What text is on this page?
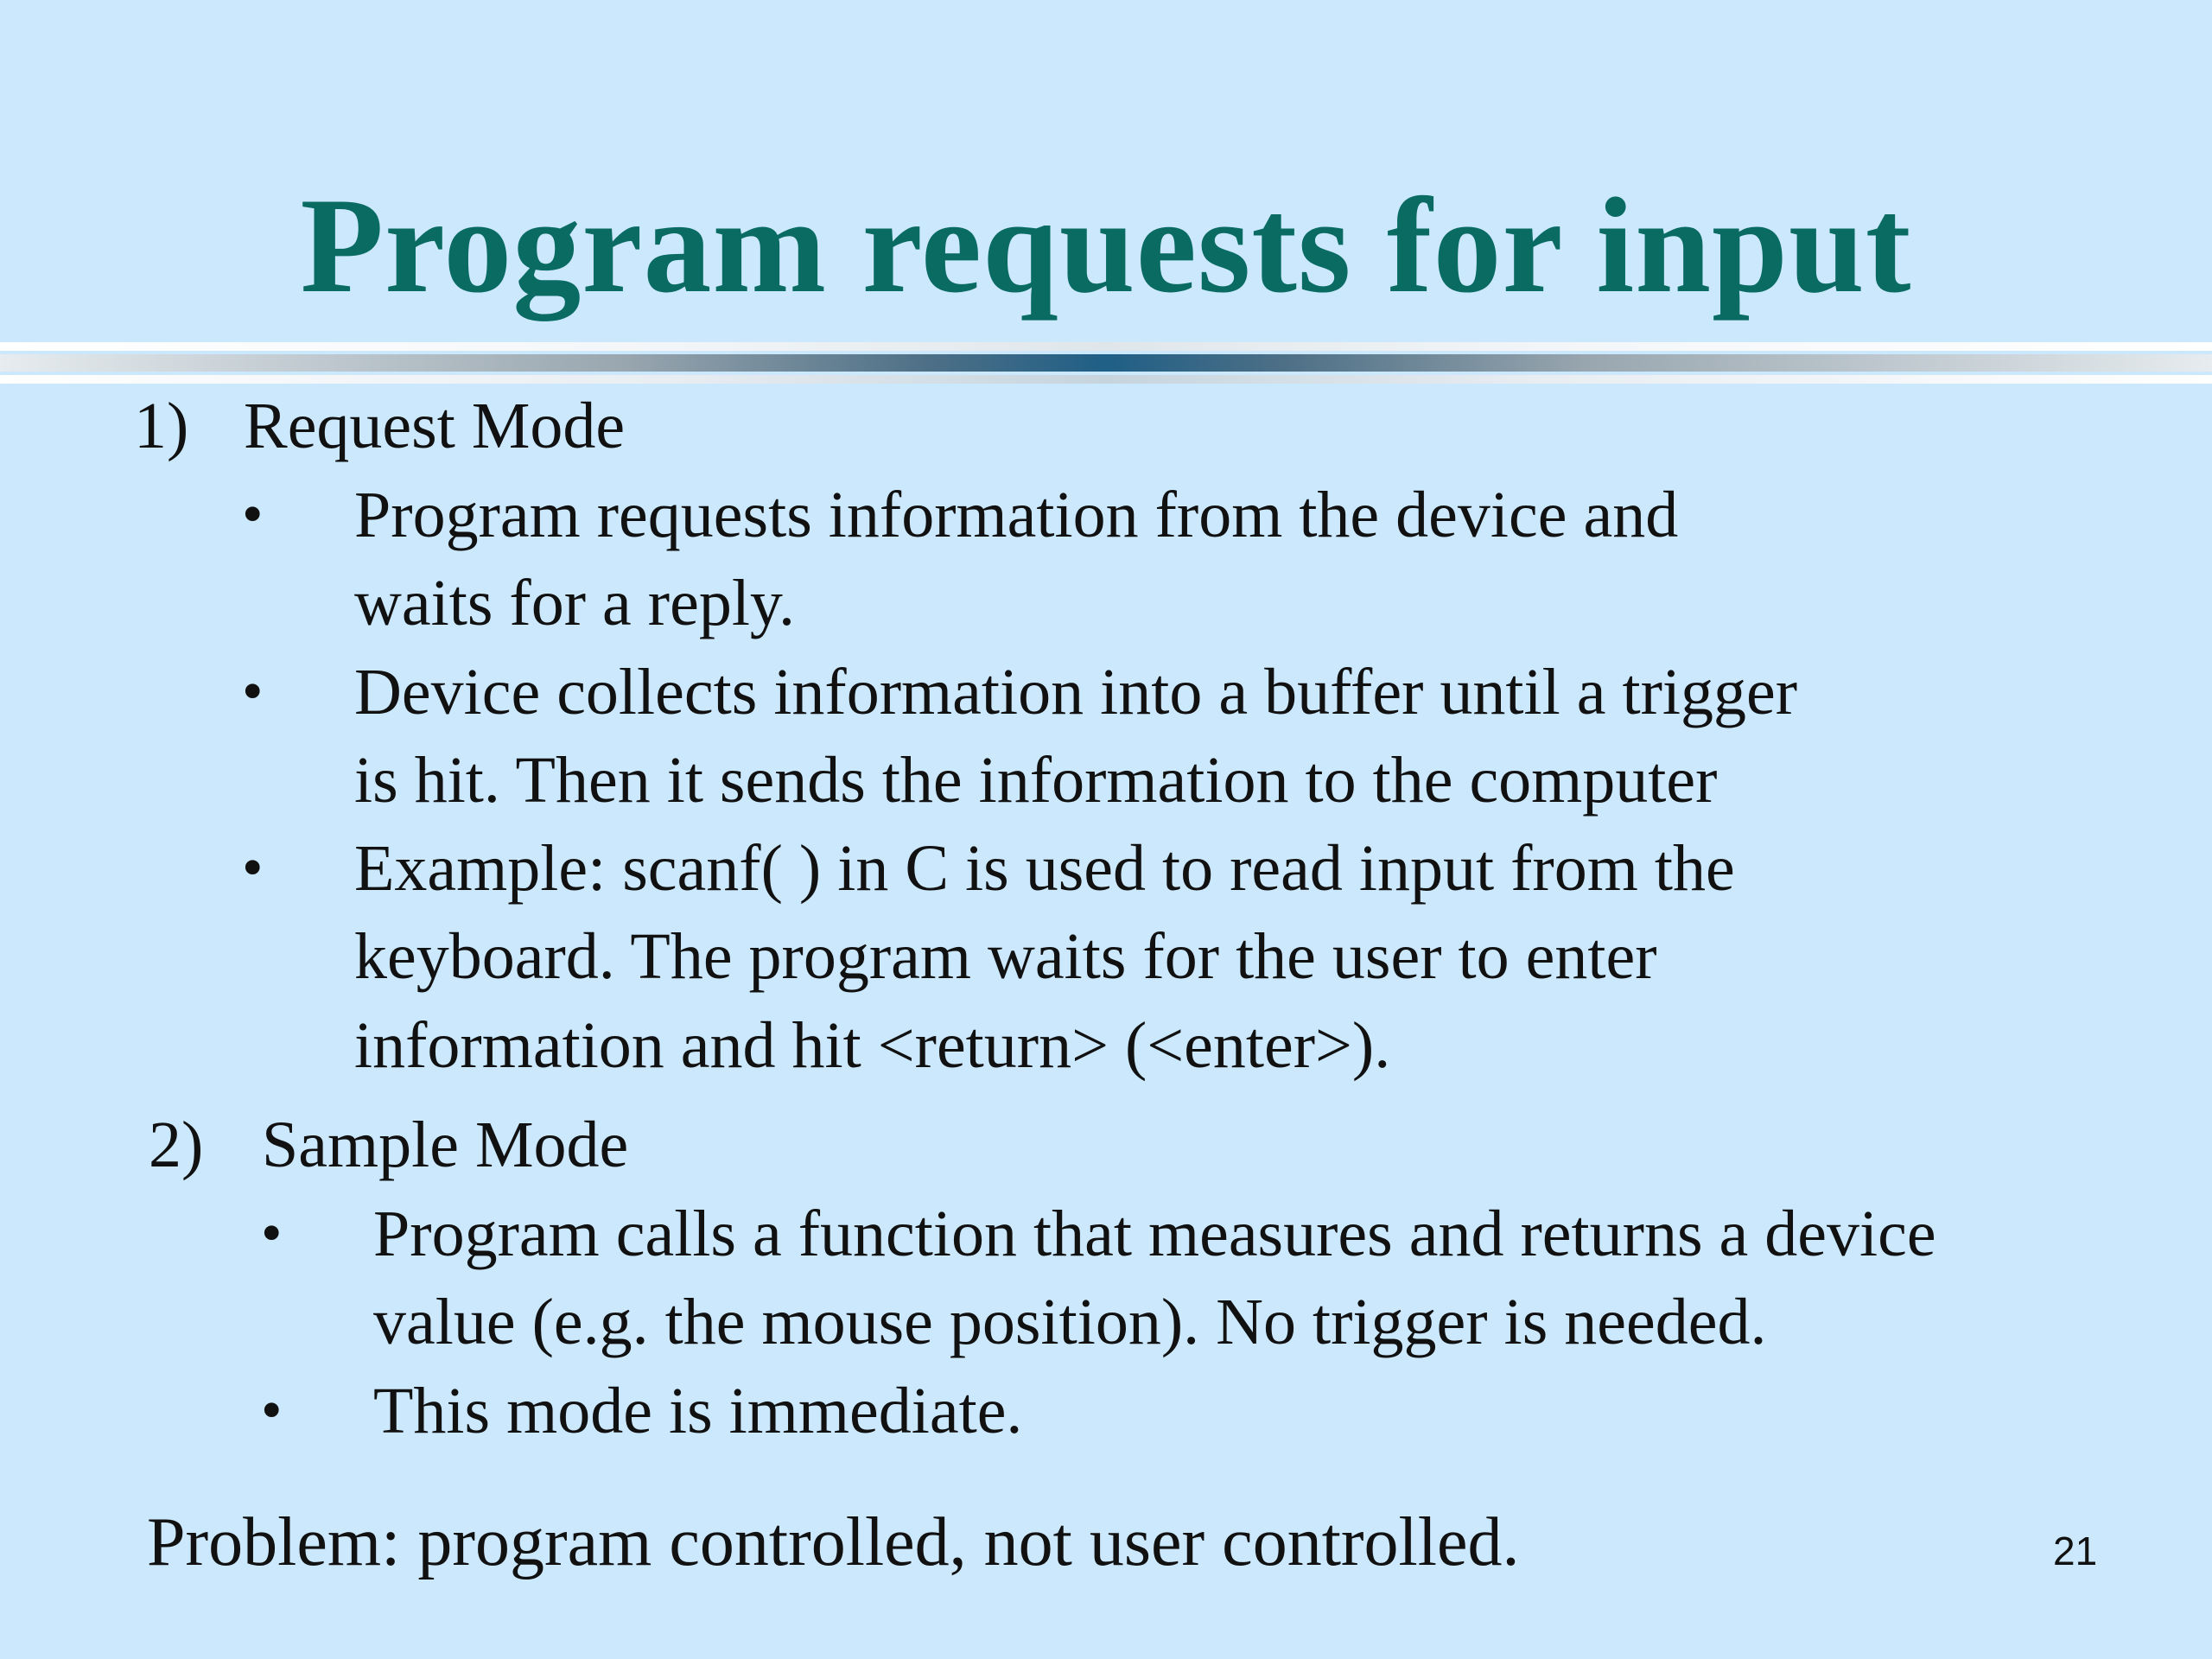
Program requests for input
1) Request Mode
• Program requests information from the device and
waits for a reply.
• Device collects information into a buffer until a trigger
is hit. Then it sends the information to the computer
• Example: scanf( ) in C is used to read input from the
keyboard. The program waits for the user to enter
information and hit <return> (<enter>).
2) Sample Mode
• Program calls a function that measures and returns a device
value (e.g. the mouse position). No trigger is needed.
• This mode is immediate.
Problem: program controlled, not user controlled.	21
